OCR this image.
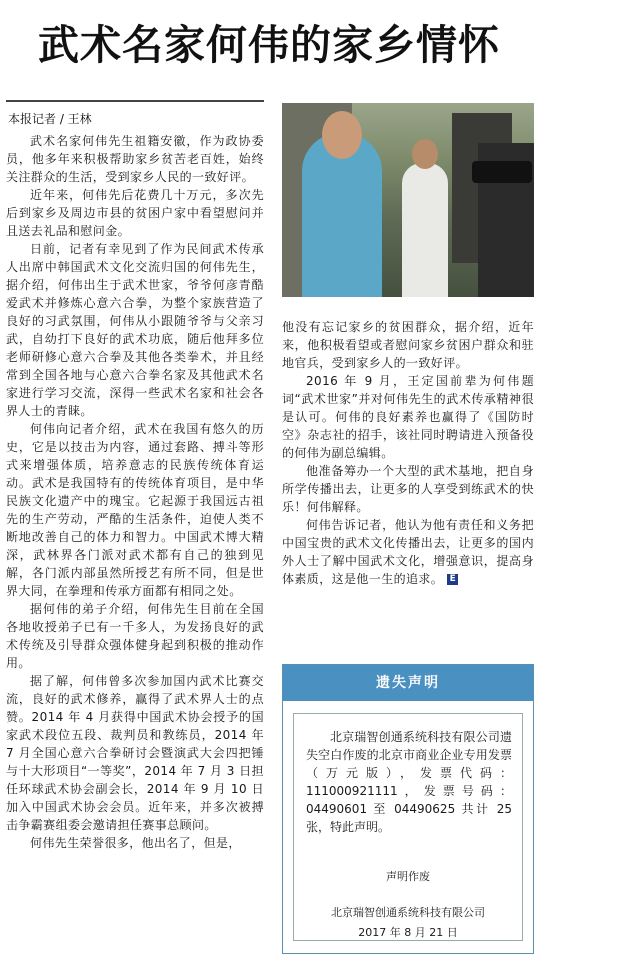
武术名家何伟的家乡情怀
本报记者 / 王林

武术名家何伟先生祖籍安徽，作为政协委员，他多年来积极帮助家乡贫苦老百姓，始终关注群众的生活，受到家乡人民的一致好评。

近年来，何伟先后花费几十万元，多次先后到家乡及周边市县的贫困户家中看望慰问并且送去礼品和慰问金。

日前，记者有幸见到了作为民间武术传承人出席中韩国武术文化交流归国的何伟先生，据介绍，何伟出生于武术世家，爷爷何彦青酷爱武术并修炼心意六合拳，为整个家族营造了良好的习武氛围，何伟从小跟随爷爷与父亲习武，自幼打下良好的武术功底，随后他拜多位老师研修心意六合拳及其他各类拳术，并且经常到全国各地与心意六合拳名家及其他武术名家进行学习交流，深得一些武术名家和社会各界人士的青睐。

何伟向记者介绍，武术在我国有悠久的历史，它是以技击为内容，通过套路、搏斗等形式来增强体质，培养意志的民族传统体育运动。武术是我国特有的传统体育项目，是中华民族文化遗产中的瑰宝。它起源于我国远古祖先的生产劳动，严酷的生活条件，迫使人类不断地改善自己的体力和智力。中国武术博大精深，武林界各门派对武术都有自己的独到见解，各门派内部虽然所授艺有所不同，但是世界大同，在拳理和传承方面都有相同之处。

据何伟的弟子介绍，何伟先生目前在全国各地收授弟子已有一千多人，为发扬良好的武术传统及引导群众强体健身起到积极的推动作用。

据了解，何伟曾多次参加国内武术比赛交流，良好的武术修养，赢得了武术界人士的点赞。2014 年 4 月获得中国武术协会授予的国家武术段位五段、裁判员和教练员，2014 年 7 月全国心意六合拳研讨会暨演武大会四把锤与十大形项目“一等奖”，2014 年 7 月 3 日担任环球武术协会副会长，2014 年 9 月 10 日加入中国武术协会会员。近年来，并多次被搏击争霸赛组委会邀请担任赛事总顾问。

何伟先生荣誉很多，他出名了，但是，

他没有忘记家乡的贫困群众，据介绍，近年来，他积极看望或者慰问家乡贫困户群众和驻地官兵，受到家乡人的一致好评。

2016 年 9 月，王定国前辈为何伟题词“武术世家”并对何伟先生的武术传承精神很是认可。何伟的良好素养也赢得了《国防时空》杂志社的招手，该社同时聘请进入预备役的何伟为副总编辑。

他准备筹办一个大型的武术基地，把自身所学传播出去，让更多的人享受到练武术的快乐！何伟解释。

何伟告诉记者，他认为他有责任和义务把中国宝贵的武术文化传播出去，让更多的国内外人士了解中国武术文化，增强意识，提高身体素质，这是他一生的追求。 E

遗失声明

北京瑞智创通系统科技有限公司遗失空白作废的北京市商业企业专用发票（万元版），发票代码：111000921111，发票号码：04490601 至 04490625 共计 25 张，特此声明。

声明作废
北京瑞智创通系统科技有限公司
2017 年 8 月 21 日
